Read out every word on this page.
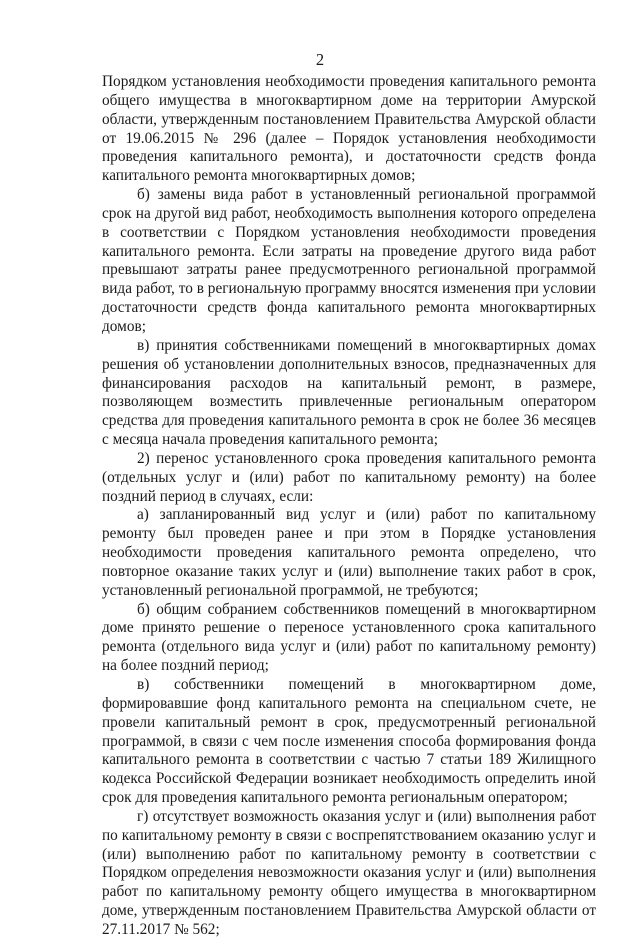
2

Порядком установления необходимости проведения капитального ремонта общего имущества в многоквартирном доме на территории Амурской области, утвержденным постановлением Правительства Амурской области от 19.06.2015 № 296 (далее – Порядок установления необходимости проведения капитального ремонта), и достаточности средств фонда капитального ремонта многоквартирных домов;

б) замены вида работ в установленный региональной программой срок на другой вид работ, необходимость выполнения которого определена в соответствии с Порядком установления необходимости проведения капитального ремонта. Если затраты на проведение другого вида работ превышают затраты ранее предусмотренного региональной программой вида работ, то в региональную программу вносятся изменения при условии достаточности средств фонда капитального ремонта многоквартирных домов;

в) принятия собственниками помещений в многоквартирных домах решения об установлении дополнительных взносов, предназначенных для финансирования расходов на капитальный ремонт, в размере, позволяющем возместить привлеченные региональным оператором средства для проведения капитального ремонта в срок не более 36 месяцев с месяца начала проведения капитального ремонта;

2) перенос установленного срока проведения капитального ремонта (отдельных услуг и (или) работ по капитальному ремонту) на более поздний период в случаях, если:

а) запланированный вид услуг и (или) работ по капитальному ремонту был проведен ранее и при этом в Порядке установления необходимости проведения капитального ремонта определено, что повторное оказание таких услуг и (или) выполнение таких работ в срок, установленный региональной программой, не требуются;

б) общим собранием собственников помещений в многоквартирном доме принято решение о переносе установленного срока капитального ремонта (отдельного вида услуг и (или) работ по капитальному ремонту) на более поздний период;

в) собственники помещений в многоквартирном доме, формировавшие фонд капитального ремонта на специальном счете, не провели капитальный ремонт в срок, предусмотренный региональной программой, в связи с чем после изменения способа формирования фонда капитального ремонта в соответствии с частью 7 статьи 189 Жилищного кодекса Российской Федерации возникает необходимость определить иной срок для проведения капитального ремонта региональным оператором;

г) отсутствует возможность оказания услуг и (или) выполнения работ по капитальному ремонту в связи с воспрепятствованием оказанию услуг и (или) выполнению работ по капитальному ремонту в соответствии с Порядком определения невозможности оказания услуг и (или) выполнения работ по капитальному ремонту общего имущества в многоквартирном доме, утвержденным постановлением Правительства Амурской области от 27.11.2017 № 562;
